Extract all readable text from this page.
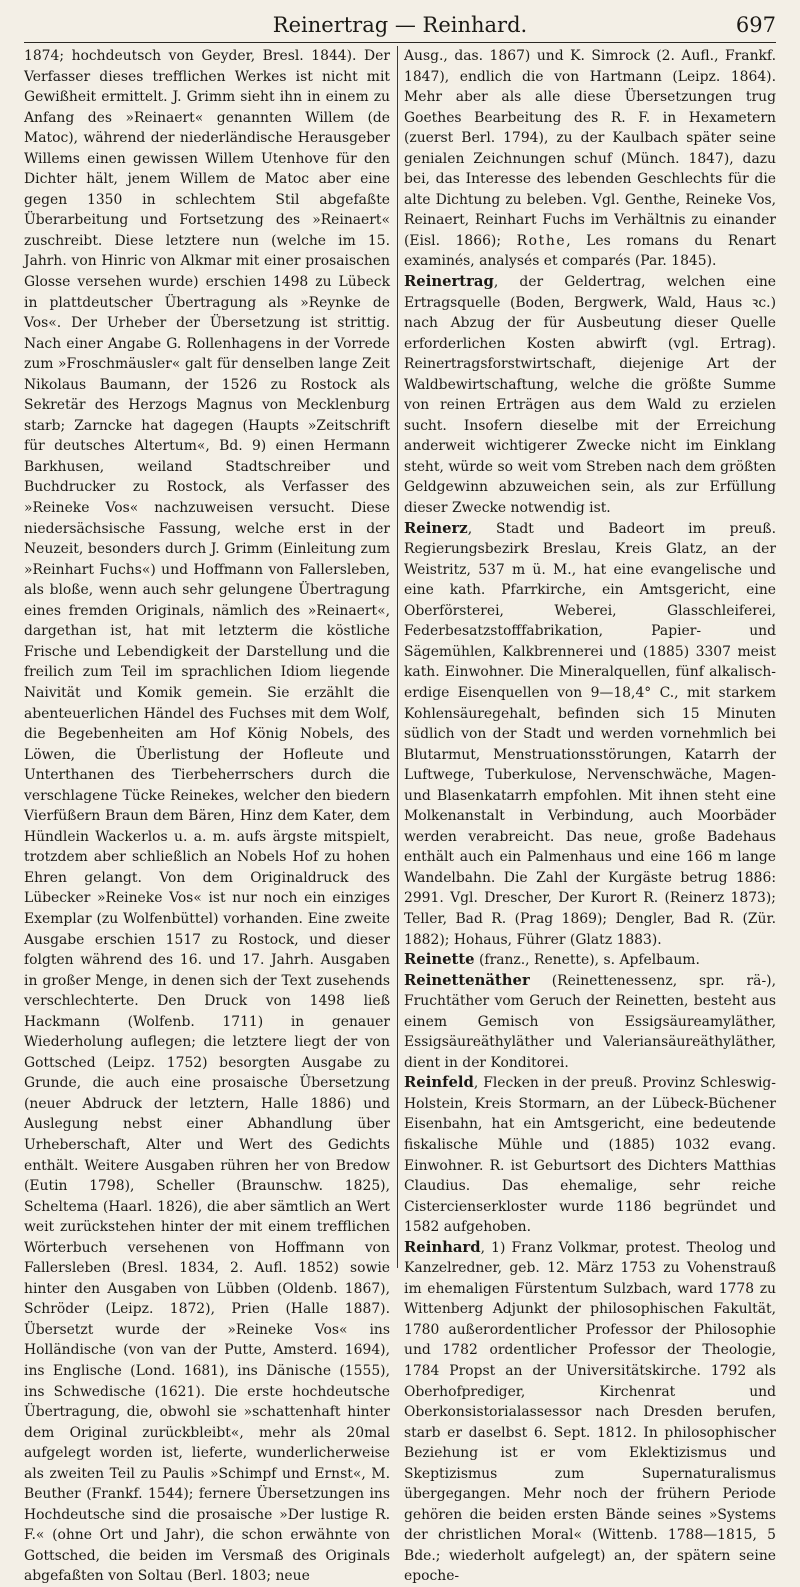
Reinertrag — Reinhard.	697

1874; hochdeutsch von Geyder, Bresl. 1844). Der Verfasser dieses trefflichen Werkes ist nicht mit Gewißheit ermittelt. J. Grimm sieht ihn in einem zu Anfang des »Reinaert« genannten Willem (de Matoc), während der niederländische Herausgeber Willems einen gewissen Willem Utenhove für den Dichter hält, jenem Willem de Matoc aber eine gegen 1350 in schlechtem Stil abgefaßte Überarbeitung und Fortsetzung des »Reinaert« zuschreibt. Diese letztere nun (welche im 15. Jahrh. von Hinric von Alkmar mit einer prosaischen Glosse versehen wurde) erschien 1498 zu Lübeck in plattdeutscher Übertragung als »Reynke de Vos«. Der Urheber der Übersetzung ist strittig. Nach einer Angabe G. Rollenhagens in der Vorrede zum »Froschmäusler« galt für denselben lange Zeit Nikolaus Baumann, der 1526 zu Rostock als Sekretär des Herzogs Magnus von Mecklenburg starb; Zarncke hat dagegen (Haupts »Zeitschrift für deutsches Altertum«, Bd. 9) einen Hermann Barkhusen, weiland Stadtschreiber und Buchdrucker zu Rostock, als Verfasser des »Reineke Vos« nachzuweisen versucht. Diese niedersächsische Fassung, welche erst in der Neuzeit, besonders durch J. Grimm (Einleitung zum »Reinhart Fuchs«) und Hoffmann von Fallersleben, als bloße, wenn auch sehr gelungene Übertragung eines fremden Originals, nämlich des »Reinaert«, dargethan ist, hat mit letzterm die köstliche Frische und Lebendigkeit der Darstellung und die freilich zum Teil im sprachlichen Idiom liegende Naivität und Komik gemein. Sie erzählt die abenteuerlichen Händel des Fuchses mit dem Wolf, die Begebenheiten am Hof König Nobels, des Löwen, die Überlistung der Hofleute und Unterthanen des Tierbeherrschers durch die verschlagene Tücke Reinekes, welcher den biedern Vierfüßern Braun dem Bären, Hinz dem Kater, dem Hündlein Wackerlos u. a. m. aufs ärgste mitspielt, trotzdem aber schließlich an Nobels Hof zu hohen Ehren gelangt. Von dem Originaldruck des Lübecker »Reineke Vos« ist nur noch ein einziges Exemplar (zu Wolfenbüttel) vorhanden. Eine zweite Ausgabe erschien 1517 zu Rostock, und dieser folgten während des 16. und 17. Jahrh. Ausgaben in großer Menge, in denen sich der Text zusehends verschlechterte. Den Druck von 1498 ließ Hackmann (Wolfenb. 1711) in genauer Wiederholung auflegen; die letztere liegt der von Gottsched (Leipz. 1752) besorgten Ausgabe zu Grunde, die auch eine prosaische Übersetzung (neuer Abdruck der letztern, Halle 1886) und Auslegung nebst einer Abhandlung über Urheberschaft, Alter und Wert des Gedichts enthält. Weitere Ausgaben rühren her von Bredow (Eutin 1798), Scheller (Braunschw. 1825), Scheltema (Haarl. 1826), die aber sämtlich an Wert weit zurückstehen hinter der mit einem trefflichen Wörterbuch versehenen von Hoffmann von Fallersleben (Bresl. 1834, 2. Aufl. 1852) sowie hinter den Ausgaben von Lübben (Oldenb. 1867), Schröder (Leipz. 1872), Prien (Halle 1887). Übersetzt wurde der »Reineke Vos« ins Holländische (von van der Putte, Amsterd. 1694), ins Englische (Lond. 1681), ins Dänische (1555), ins Schwedische (1621). Die erste hochdeutsche Übertragung, die, obwohl sie »schattenhaft hinter dem Original zurückbleibt«, mehr als 20mal aufgelegt worden ist, lieferte, wunderlicherweise als zweiten Teil zu Paulis »Schimpf und Ernst«, M. Beuther (Frankf. 1544); fernere Übersetzungen ins Hochdeutsche sind die prosaische »Der lustige R. F.« (ohne Ort und Jahr), die schon erwähnte von Gottsched, die beiden im Versmaß des Originals abgefaßten von Soltau (Berl. 1803; neue

Ausg., das. 1867) und K. Simrock (2. Aufl., Frankf. 1847), endlich die von Hartmann (Leipz. 1864). Mehr aber als alle diese Übersetzungen trug Goethes Bearbeitung des R. F. in Hexametern (zuerst Berl. 1794), zu der Kaulbach später seine genialen Zeichnungen schuf (Münch. 1847), dazu bei, das Interesse des lebenden Geschlechts für die alte Dichtung zu beleben. Vgl. Genthe, Reineke Vos, Reinaert, Reinhart Fuchs im Verhältnis zu einander (Eisl. 1866); Rothe, Les romans du Renart examinés, analysés et comparés (Par. 1845).

Reinertrag, der Geldertrag, welchen eine Ertragsquelle (Boden, Bergwerk, Wald, Haus ꝛc.) nach Abzug der für Ausbeutung dieser Quelle erforderlichen Kosten abwirft (vgl. Ertrag). Reinertragsforstwirtschaft, diejenige Art der Waldbewirtschaftung, welche die größte Summe von reinen Erträgen aus dem Wald zu erzielen sucht. Insofern dieselbe mit der Erreichung anderweit wichtigerer Zwecke nicht im Einklang steht, würde so weit vom Streben nach dem größten Geldgewinn abzuweichen sein, als zur Erfüllung dieser Zwecke notwendig ist.

Reinerz, Stadt und Badeort im preuß. Regierungsbezirk Breslau, Kreis Glatz, an der Weistritz, 537 m ü. M., hat eine evangelische und eine kath. Pfarrkirche, ein Amtsgericht, eine Oberförsterei, Weberei, Glasschleiferei, Federbesatzstofffabrikation, Papier- und Sägemühlen, Kalkbrennerei und (1885) 3307 meist kath. Einwohner. Die Mineralquellen, fünf alkalisch-erdige Eisenquellen von 9—18,4° C., mit starkem Kohlensäuregehalt, befinden sich 15 Minuten südlich von der Stadt und werden vornehmlich bei Blutarmut, Menstruationsstörungen, Katarrh der Luftwege, Tuberkulose, Nervenschwäche, Magen- und Blasenkatarrh empfohlen. Mit ihnen steht eine Molkenanstalt in Verbindung, auch Moorbäder werden verabreicht. Das neue, große Badehaus enthält auch ein Palmenhaus und eine 166 m lange Wandelbahn. Die Zahl der Kurgäste betrug 1886: 2991. Vgl. Drescher, Der Kurort R. (Reinerz 1873); Teller, Bad R. (Prag 1869); Dengler, Bad R. (Zür. 1882); Hohaus, Führer (Glatz 1883).

Reinette (franz., Renette), s. Apfelbaum.

Reinettenäther (Reinettenessenz, spr. rä-), Fruchtäther vom Geruch der Reinetten, besteht aus einem Gemisch von Essigsäureamyläther, Essigsäureäthyläther und Valeriansäureäthyläther, dient in der Konditorei.

Reinfeld, Flecken in der preuß. Provinz Schleswig-Holstein, Kreis Stormarn, an der Lübeck-Büchener Eisenbahn, hat ein Amtsgericht, eine bedeutende fiskalische Mühle und (1885) 1032 evang. Einwohner. R. ist Geburtsort des Dichters Matthias Claudius. Das ehemalige, sehr reiche Cistercienserkloster wurde 1186 begründet und 1582 aufgehoben.

Reinhard, 1) Franz Volkmar, protest. Theolog und Kanzelredner, geb. 12. März 1753 zu Vohenstrauß im ehemaligen Fürstentum Sulzbach, ward 1778 zu Wittenberg Adjunkt der philosophischen Fakultät, 1780 außerordentlicher Professor der Philosophie und 1782 ordentlicher Professor der Theologie, 1784 Propst an der Universitätskirche. 1792 als Oberhofprediger, Kirchenrat und Oberkonsistorialassessor nach Dresden berufen, starb er daselbst 6. Sept. 1812. In philosophischer Beziehung ist er vom Eklektizismus und Skeptizismus zum Supernaturalismus übergegangen. Mehr noch der frühern Periode gehören die beiden ersten Bände seines »Systems der christlichen Moral« (Wittenb. 1788—1815, 5 Bde.; wiederholt aufgelegt) an, der spätern seine epoche-
